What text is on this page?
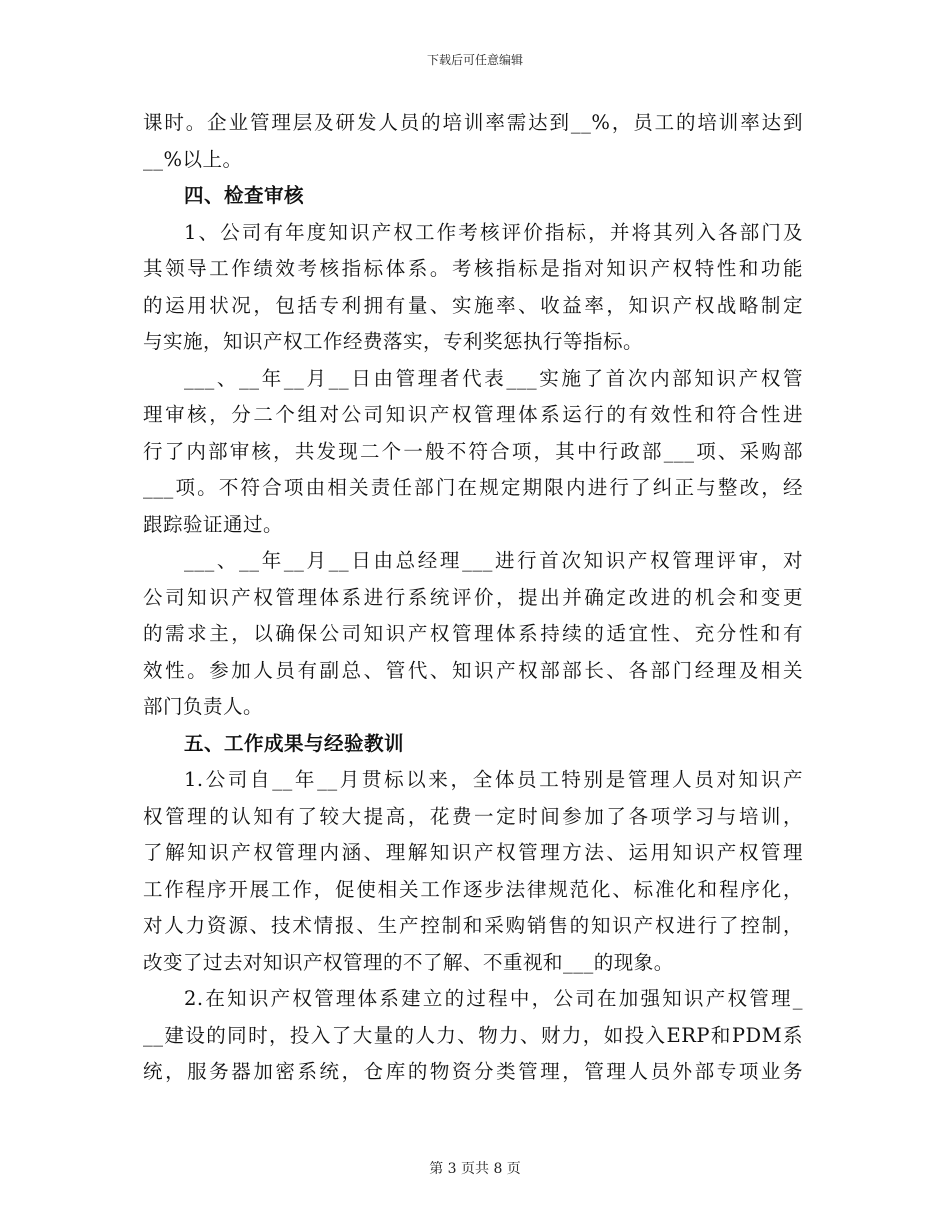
下载后可任意编辑
课时。企业管理层及研发人员的培训率需达到__%，员工的培训率达到
__%以上。
四、检查审核
1、公司有年度知识产权工作考核评价指标，并将其列入各部门及
其领导工作绩效考核指标体系。考核指标是指对知识产权特性和功能
的运用状况，包括专利拥有量、实施率、收益率，知识产权战略制定
与实施，知识产权工作经费落实，专利奖惩执行等指标。
___、__年__月__日由管理者代表___实施了首次内部知识产权管
理审核，分二个组对公司知识产权管理体系运行的有效性和符合性进
行了内部审核，共发现二个一般不符合项，其中行政部___项、采购部
___项。不符合项由相关责任部门在规定期限内进行了纠正与整改，经
跟踪验证通过。
___、__年__月__日由总经理___进行首次知识产权管理评审，对
公司知识产权管理体系进行系统评价，提出并确定改进的机会和变更
的需求主，以确保公司知识产权管理体系持续的适宜性、充分性和有
效性。参加人员有副总、管代、知识产权部部长、各部门经理及相关
部门负责人。
五、工作成果与经验教训
1.公司自__年__月贯标以来，全体员工特别是管理人员对知识产
权管理的认知有了较大提高，花费一定时间参加了各项学习与培训，
了解知识产权管理内涵、理解知识产权管理方法、运用知识产权管理
工作程序开展工作，促使相关工作逐步法律规范化、标准化和程序化，
对人力资源、技术情报、生产控制和采购销售的知识产权进行了控制，
改变了过去对知识产权管理的不了解、不重视和___的现象。
2.在知识产权管理体系建立的过程中，公司在加强知识产权管理_
__建设的同时，投入了大量的人力、物力、财力，如投入ERP和PDM系
统，服务器加密系统，仓库的物资分类管理，管理人员外部专项业务
第 3 页共 8 页
